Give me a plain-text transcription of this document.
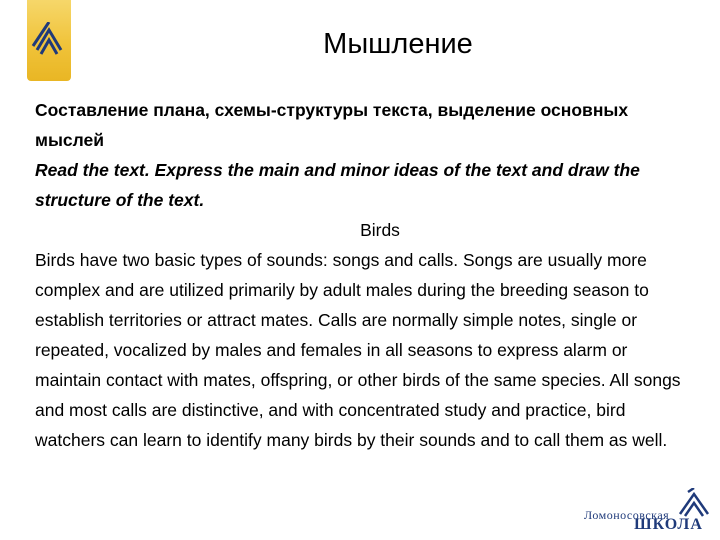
Мышление

Составление плана, схемы-структуры текста, выделение основных мыслей

Read the text. Express the main and minor ideas of the text and draw the structure of the text.

Birds

Birds have two basic types of sounds: songs and calls. Songs are usually more complex and are utilized primarily by adult males during the breeding season to establish territories or attract mates. Calls are normally simple notes, single or repeated, vocalized by males and females in all seasons to express alarm or maintain contact with mates, offspring, or other birds of the same species. All songs and most calls are distinctive, and with concentrated study and practice, bird watchers can learn to identify many birds by their sounds and to call them as well.

Ломоносовская
ШКОЛА
